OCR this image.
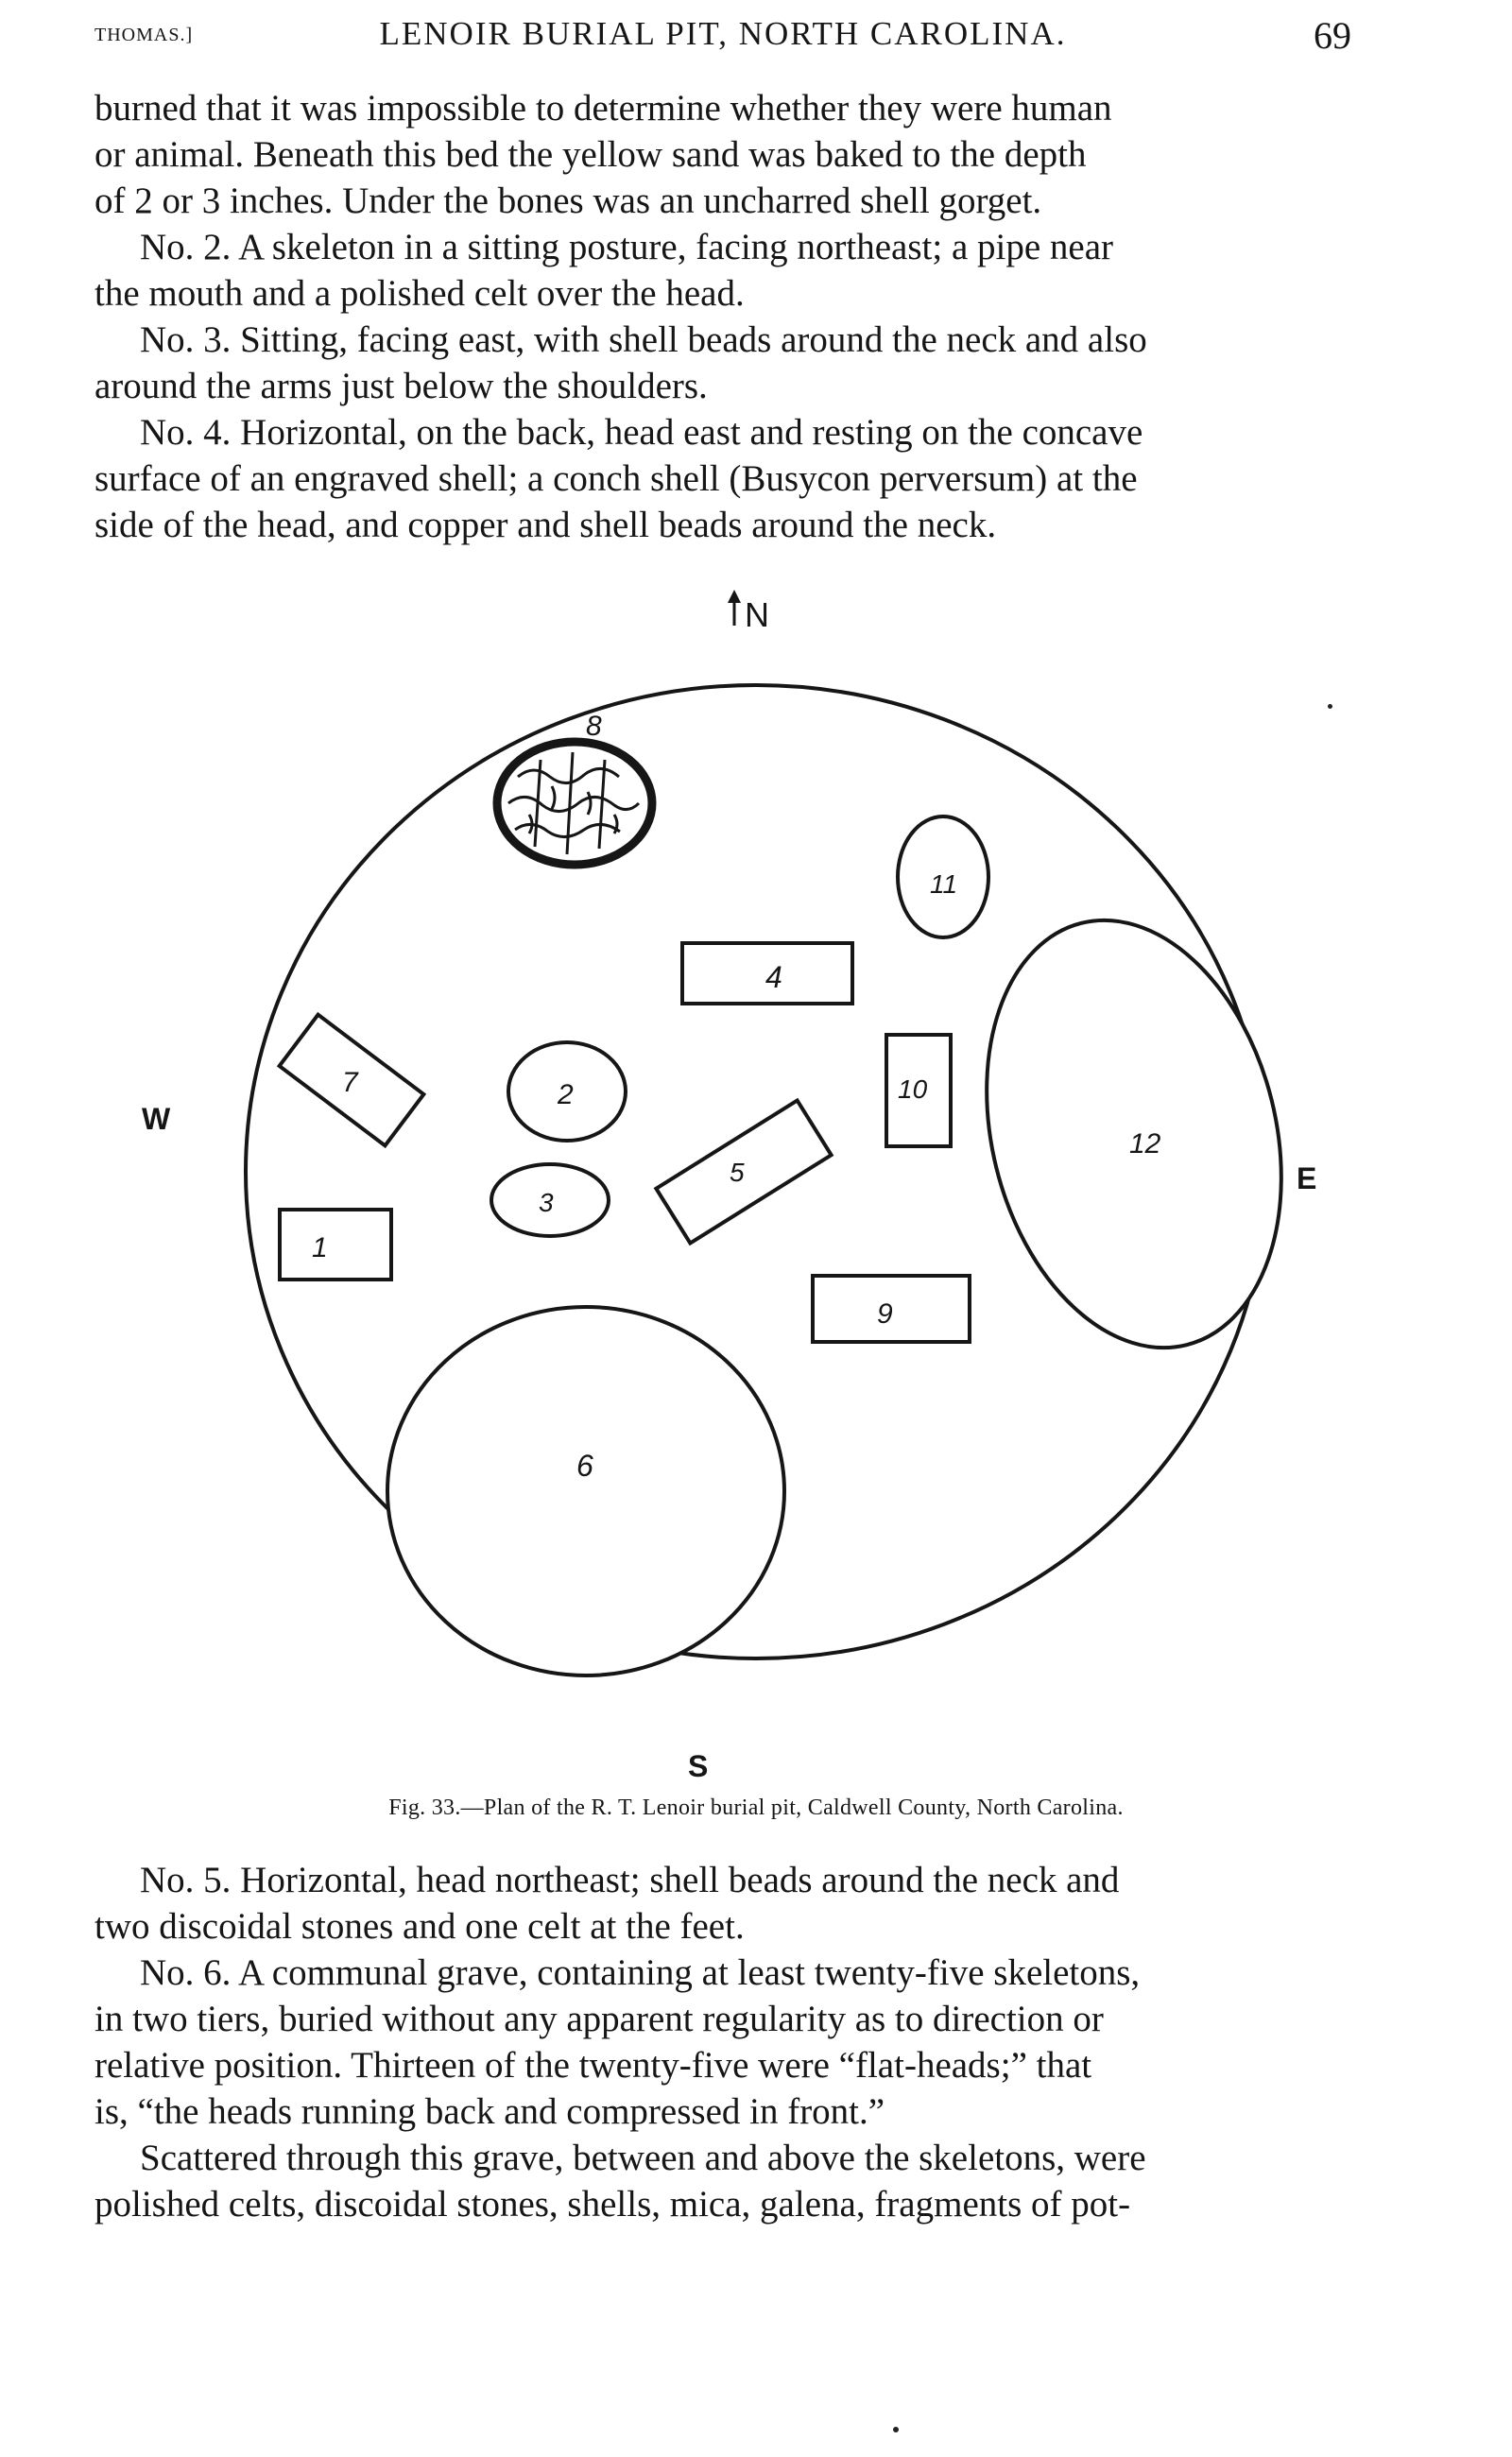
THOMAS.]	LENOIR BURIAL PIT, NORTH CAROLINA.	69

burned that it was impossible to determine whether they were human
or animal. Beneath this bed the yellow sand was baked to the depth
of 2 or 3 inches. Under the bones was an uncharred shell gorget.

No. 2. A skeleton in a sitting posture, facing northeast; a pipe near
the mouth and a polished celt over the head.

No. 3. Sitting, facing east, with shell beads around the neck and also
around the arms just below the shoulders.

No. 4. Horizontal, on the back, head east and resting on the concave
surface of an engraved shell; a conch shell (Busycon perversum) at the
side of the head, and copper and shell beads around the neck.

N
W
E
S
8
11
4
12
10
7	2
3
5
1
9
6
Fig. 33.—Plan of the R. T. Lenoir burial pit, Caldwell County, North Carolina.

No. 5. Horizontal, head northeast; shell beads around the neck and
two discoidal stones and one celt at the feet.

No. 6. A communal grave, containing at least twenty-five skeletons,
in two tiers, buried without any apparent regularity as to direction or
relative position. Thirteen of the twenty-five were “flat-heads;” that
is, “the heads running back and compressed in front.”

Scattered through this grave, between and above the skeletons, were
polished celts, discoidal stones, shells, mica, galena, fragments of pot-
